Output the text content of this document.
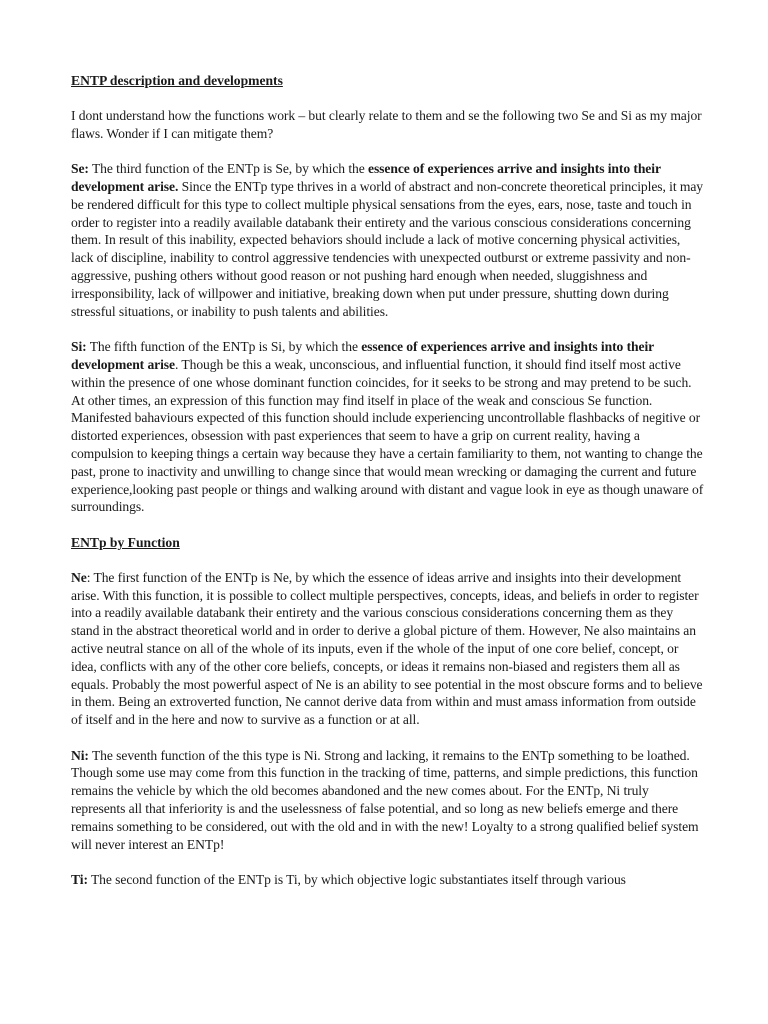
ENTP description and developments

I dont understand how the functions work – but clearly relate to them and se the following two Se and Si as my major flaws. Wonder if I can mitigate them?

Se: The third function of the ENTp is Se, by which the essence of experiences arrive and insights into their development arise. Since the ENTp type thrives in a world of abstract and non-concrete theoretical principles, it may be rendered difficult for this type to collect multiple physical sensations from the eyes, ears, nose, taste and touch in order to register into a readily available databank their entirety and the various conscious considerations concerning them. In result of this inability, expected behaviors should include a lack of motive concerning physical activities, lack of discipline, inability to control aggressive tendencies with unexpected outburst or extreme passivity and non-aggressive, pushing others without good reason or not pushing hard enough when needed, sluggishness and irresponsibility, lack of willpower and initiative, breaking down when put under pressure, shutting down during stressful situations, or inability to push talents and abilities.

Si: The fifth function of the ENTp is Si, by which the essence of experiences arrive and insights into their development arise. Though be this a weak, unconscious, and influential function, it should find itself most active within the presence of one whose dominant function coincides, for it seeks to be strong and may pretend to be such. At other times, an expression of this function may find itself in place of the weak and conscious Se function. Manifested bahaviours expected of this function should include experiencing uncontrollable flashbacks of negitive or distorted experiences, obsession with past experiences that seem to have a grip on current reality, having a compulsion to keeping things a certain way because they have a certain familiarity to them, not wanting to change the past, prone to inactivity and unwilling to change since that would mean wrecking or damaging the current and future experience,looking past people or things and walking around with distant and vague look in eye as though unaware of surroundings.

ENTp by Function

Ne: The first function of the ENTp is Ne, by which the essence of ideas arrive and insights into their development arise. With this function, it is possible to collect multiple perspectives, concepts, ideas, and beliefs in order to register into a readily available databank their entirety and the various conscious considerations concerning them as they stand in the abstract theoretical world and in order to derive a global picture of them. However, Ne also maintains an active neutral stance on all of the whole of its inputs, even if the whole of the input of one core belief, concept, or idea, conflicts with any of the other core beliefs, concepts, or ideas it remains non-biased and registers them all as equals. Probably the most powerful aspect of Ne is an ability to see potential in the most obscure forms and to believe in them. Being an extroverted function, Ne cannot derive data from within and must amass information from outside of itself and in the here and now to survive as a function or at all.

Ni: The seventh function of the this type is Ni. Strong and lacking, it remains to the ENTp something to be loathed. Though some use may come from this function in the tracking of time, patterns, and simple predictions, this function remains the vehicle by which the old becomes abandoned and the new comes about. For the ENTp, Ni truly represents all that inferiority is and the uselessness of false potential, and so long as new beliefs emerge and there remains something to be considered, out with the old and in with the new! Loyalty to a strong qualified belief system will never interest an ENTp!

Ti: The second function of the ENTp is Ti, by which objective logic substantiates itself through various
